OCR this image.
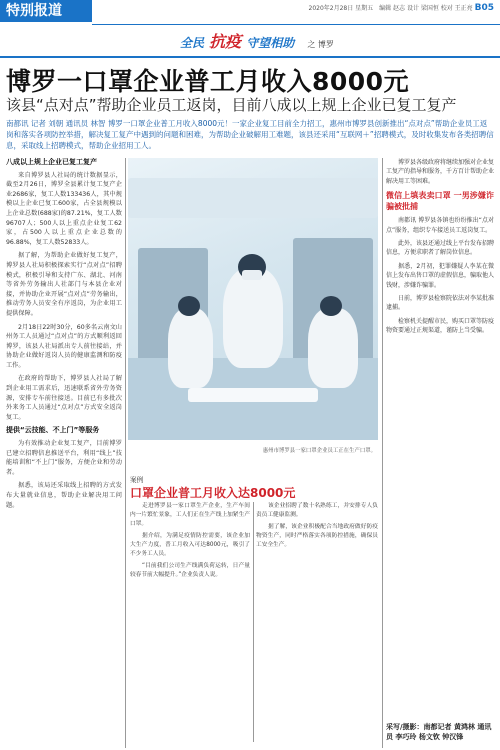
特别报道	2020年2月28日 星期五　编辑 赵志 设计 梁国恒 校对 王正亮 B05
全民 抗疫 守望相助 之 博罗
博罗一口罩企业普工月收入8000元
该县“点对点”帮助企业员工返岗，目前八成以上规上企业已复工复产
南都讯 记者 刘朝 通讯员 林智 博罗一口罩企业普工月收入8000元！一家企业复工目前全力招工，惠州市博罗县创新推出“点对点”帮助企业员工返岗和落实各项防控举措，解决复工复产中遇到的问题和困难，为帮助企业破解用工难题，该县还采用“互联网＋”招聘模式，及时收集发布各类招聘信息，采取线上招聘模式，帮助企业招用工人。
八成以上规上企业已复工复产

来自博罗县人社局的统计数据显示，截至2月26日，博罗全县累计复工复产企业2686家，复工人数133436人，其中规模以上企业已复工600家，占全县规模以上企业总数(688家)的87.21%，复工人数96707人；500人以上重点企业复工62家，占500人以上重点企业总数的96.88%，复工人数52833人。

据了解，为帮助企业做好复工复产，博罗县人社局积极探索实行“点对点”招聘模式，积极引导和支持广东、湖北、河南等省外劳务输出人社部门与本县企业对接，并协助企业开展“点对点”劳务输出，推动劳务人员安全有序返岗，为企业用工提供保障。

2月18日22时30分，60多名云南文山州务工人员通过“点对点”的方式顺利返回博罗，该县人社局派出专人前往接站，并协助企业做好返岗人员的健康监测和防疫工作。

在政府的帮助下，博罗县人社局了解到企业用工需求后，迅速联系省外劳务资源，安排专车前往接送。目前已有多批次外来务工人员通过“点对点”方式安全返岗复工。

提供“云技能、不上门”等服务

为有效推动企业复工复产，目前博罗已建立招聘信息推送平台，利用“线上”技能培训和“不上门”服务，方便企业和劳动者。

据悉，该局还采取线上招聘的方式发布大量就业信息，帮助企业解决用工问题。

惠州市博罗县一家口罩企业员工正在生产口罩。
案例
口罩企业普工月收入达8000元

走进博罗县一家口罩生产企业，生产车间内一片繁忙景象，工人们正在生产线上加紧生产口罩。

据介绍，为满足疫情防控需要，该企业加大生产力度，普工月收入可达8000元，吸引了不少务工人员。

“目前我们公司生产线满负荷运转，日产量较春节前大幅提升。”企业负责人说。

该企业招聘了数十名熟练工，并安排专人负责员工健康监测。

据了解，该企业积极配合当地政府做好防疫物资生产，同时严格落实各项防控措施，确保员工安全生产。

博罗县各级政府将继续加强对企业复工复产的指导和服务，千方百计帮助企业解决用工等困难。

微信上填表卖口罩 一男涉嫌诈骗被批捕

南都讯 博罗县各镇也纷纷推出“点对点”服务，组织专车接送员工返岗复工。

此外，该县还通过线上平台发布招聘信息，方便求职者了解岗位信息。

据悉，2月初，犯罪嫌疑人李某在微信上发布出售口罩的虚假信息，骗取他人钱财，涉嫌诈骗罪。

日前，博罗县检察院依法对李某批准逮捕。

检察机关提醒市民，购买口罩等防疫物资要通过正规渠道，谨防上当受骗。

采写/摄影：南都记者 黄鸿林 通讯员 李巧玲 杨文钦 钟汉锋
